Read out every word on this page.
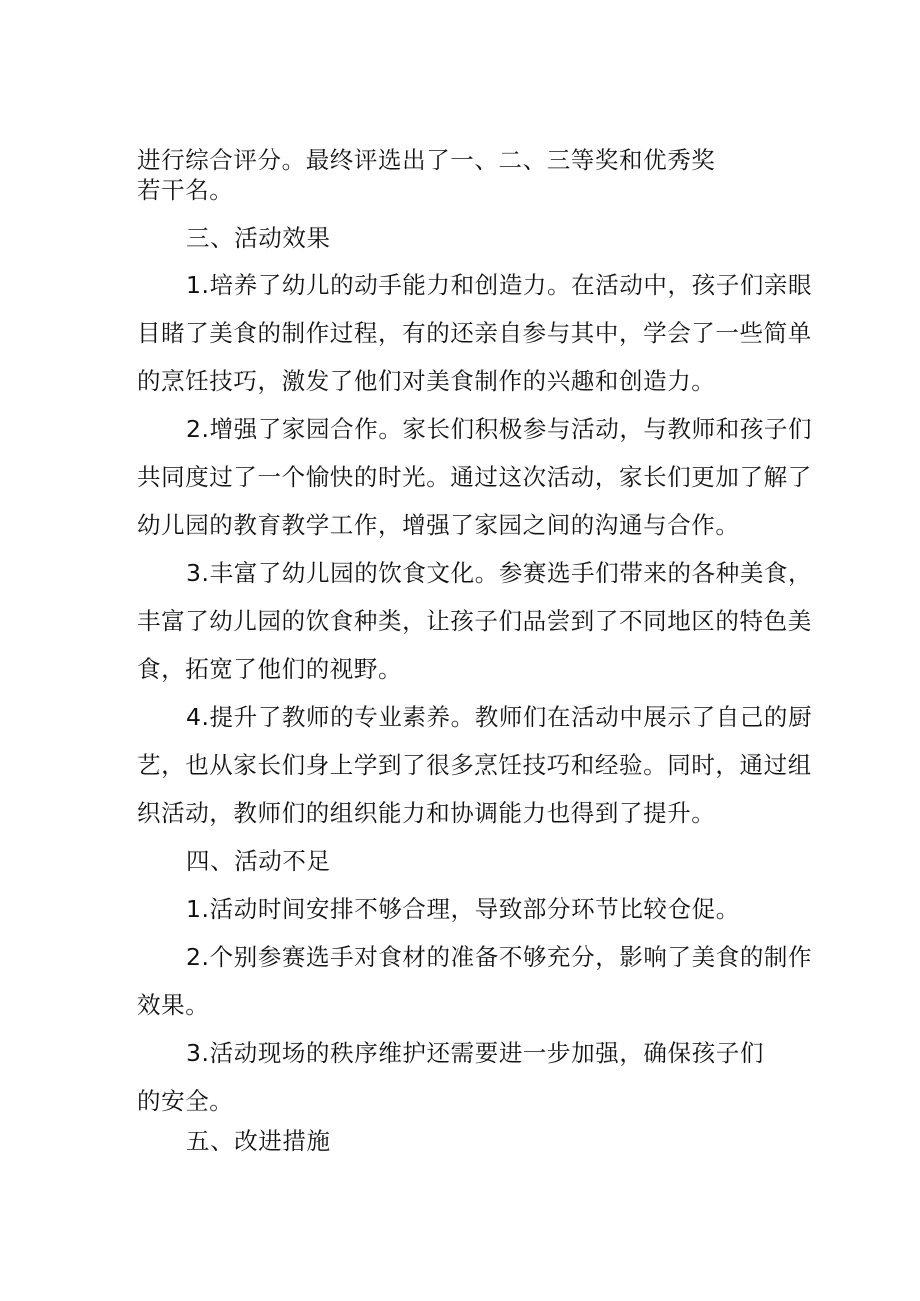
进行综合评分。最终评选出了一、二、三等奖和优秀奖
若干名。
三、活动效果
1.培养了幼儿的动手能力和创造力。在活动中，孩子们亲眼
目睹了美食的制作过程，有的还亲自参与其中，学会了一些简单
的烹饪技巧，激发了他们对美食制作的兴趣和创造力。
2.增强了家园合作。家长们积极参与活动，与教师和孩子们
共同度过了一个愉快的时光。通过这次活动，家长们更加了解了
幼儿园的教育教学工作，增强了家园之间的沟通与合作。
3.丰富了幼儿园的饮食文化。参赛选手们带来的各种美食，
丰富了幼儿园的饮食种类，让孩子们品尝到了不同地区的特色美
食，拓宽了他们的视野。
4.提升了教师的专业素养。教师们在活动中展示了自己的厨
艺，也从家长们身上学到了很多烹饪技巧和经验。同时，通过组
织活动，教师们的组织能力和协调能力也得到了提升。
四、活动不足
1.活动时间安排不够合理，导致部分环节比较仓促。
2.个别参赛选手对食材的准备不够充分，影响了美食的制作
效果。
3.活动现场的秩序维护还需要进一步加强，确保孩子们
的安全。
五、改进措施
